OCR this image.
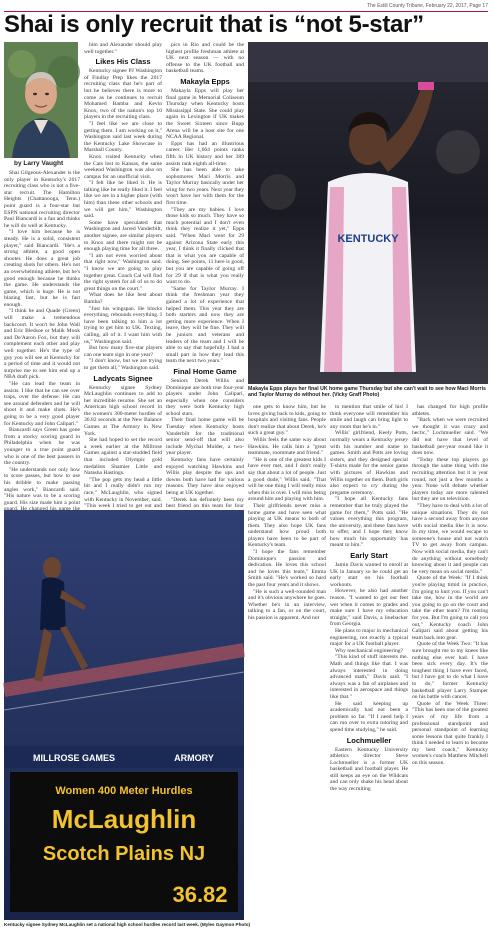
The Estill County Tribune, February 22, 2017, Page 17
Shai is only recruit that is “not 5-star”
by Larry Vaught

Shai Gilgeous-Alexander is the only player in Kentucky's 2017 recruiting class who is not a five-star recruit. The Hamilton Heights (Chattanooga, Tenn.) point guard is a four-star but ESPN national recruiting director Paul Biancardi is a fan and thinks he will do well at Kentucky.

"I love him because he is steady. He is a solid, consistent player," said Biancardi. "He's a strong athlete, a good open shooter. He does a great job creating shots for others. He's not an overwhelming athlete, but he's good enough because he thinks the game. He understands the game, which is huge. He is not blazing fast, but he is fast enough.

"I think he and Quade (Green) will make a tremendous backcourt. It won't be John Wall and Eric Bledsoe or Malik Monk and De'Aaron Fox, but they will complement each other and play well together. He's the type of guy you will see at Kentucky for a period of time and it would not surprise me to see him end up a NBA draft pick.

"He can lead the team in assists. I like that he can see over traps, over the defense. He can see around defenders and he will shoot it and make shots. He's going to be a very good player for Kentucky and John Calipari."

Biancardi says Green has gone from a stocky scoring guard in Philadelphia when he was younger to a true point guard who is one of the best passers in the country.

"He understands not only how to score passes, but how to use his dribble to make passing angles work," Biancardi said. "His nature was to be a scoring guard. His size made him a point

him and Alexander should play well together."

Likes His Class

Kentucky signee PJ Washington of Findlay Prep likes the 2017 recruiting class that he's part of but he believes there is more to come as he continues to recruit Mohamed Bamba and Kevin Knox, two of the nation's top 10 players in the recruiting class.

"I feel like we are close to getting them. I am working on it," Washington said last week during the Kentucky Lake Showcase in Marshall County.

Knox visited Kentucky when the Cats lost to Kansas, the same weekend Washington was also on campus for an unofficial visit.

"I felt like he liked it. He is talking like he really liked it. I feel like we are in a higher place (with him) than these other schools and we will get him," Washington said.

Some have speculated that Washington and Jarred Vanderbilt, another signee, are similar players to Knox and there might not be enough playing time for all three.

"I am not even worried about that right now," Washington said. "I know we are going to play together great. Coach Cal will find the right system for all of us to do great things on the court."

What does he like best about Bamba?

"Just his wingspan. He blocks everything, rebounds everything. I have been talking to him a lot trying to get him to UK. Texting, calling, all of it. I want him with us," Washington said.

But how many five-star players can one team sign in one year?

"I don't know, but we are trying to get them all," Washington said.

Ladycats Signee

Kentucky signee Sydney McLaughlin continues to add to her incredible resume. She set an American high school record in the women's 300-meter hurdles of 36.82 seconds at the New Balance Games at The Armory in New York.

She had hoped to set the record a week earlier at the Millrose Games against a star-studded field that included Olympic gold medalists Shamier Little and Natasha Hastings.

"The pop gets my head a little bit and I really didn't run my race," McLaughlin, who signed with Kentucky in November, said. "This week I tried to get out and

pics in Rio and could be the highest profile freshman athlete at UK next season — with no offense to the UK football and basketball teams.

Makayla Epps

Makayla Epps will play her final game in Memorial Coliseum Thursday when Kentucky hosts Mississippi State. She could play again in Lexington if UK makes the Sweet Sixteen since Rupp Arena will be a host site for one NCAA Regional.

Epps has had an illustrious career. Her 1,664 points ranks fifth in UK history and her 389 assists rank eighth all-time.

She has been able to take sophomores Maci Morris and Taylor Murray basically under her wing for two years. Next year they won't have her with them for the first time.

"They are my babies. I love those kids so much. They have so much potential and I don't even think they realize it yet," Epps said. "When Maci went for 29 against Arizona State early this year, I think it finally clicked that that is what you are capable of doing. See points, 11 here is good, but you are capable of going off for 29 if that is what you really want to do.

"Same for Taylor Murray. I think the freshman year they gained a lot of experience that helped them. This year they are both starters and now they are getting more experience. When I leave, they will be fine. They will be juniors and veterans and leaders of the team and I will be able to say that hopefully I had a small part in how they lead this team the next two years."

Final Home Game

Seniors Derek Willis and Dominique are both true four-year players under John Calipari, especially when one considers they were both Kentucky high school stars.

Their final home game will be Tuesday when Kentucky hosts Vanderbilt for the traditional senior send-off that will also include Mychal Mulder, a two-year player.

Kentucky fans have certainly enjoyed watching Hawkins and Willis play despite the ups and downs both have had for various reasons. They have also enjoyed being at UK together.

"Derek has definitely been my best friend on this team for four

KENTUCKY
Makayla Epps plays her final UK home game Thursday but she can't wait to see how Maci Morris and Taylor Murray do without her. (Vicky Graff Photo)

one gets to know him, but he loves giving back to kids, going to hospitals and visiting fans. People don't realize that about Derek, he's such a great guy."

Willis feels the same way about Hawkins. He calls him a "great teammate, roommate and friend."

"He is one of the greatest kids I have ever met, and I don't really say that about a lot of people. Just a good dude," Willis said. "That will be one thing I will really miss when this is over. I will miss being around him and playing with him.

Their girlfriends never miss a home game and have seen what playing at UK means to both of them. They also hope UK fans understand how proud both players have been to be part of Kentucky's team.

"I hope the fans remember Dominique's passion and dedication. He loves this school and he loves this team," Emma Smith said. "He's worked so hard the past four years and it shows.

"He is such a well-rounded man and it's obvious anywhere he goes. Whether he's in an interview, talking to a fan, or on the court, his passion is apparent. And not

to mention that smile of his! I think everyone will remember his smile and laugh can bring light to any room that he's in."

Willis' girlfriend, Keely Potts, normally wears a Kentucky jersey with his number and name to games. Smith and Potts are loving sisters, and they designed special T-shirts made for the senior game with pictures of Hawkins and Willis together on them. Both girls also expect to cry during the pregame ceremony.

"I hope all Kentucky fans remember that he truly played the game for them," Potts said. "He values everything this program, the university, and these fans have to offer, and I hope they know how much his opportunity has meant to him."

Early Start

Jamin Davis wanted to enroll at UK in January so he could get an early start on his football workouts.

However, he also had another reason. "I wanted to get our feet wet when it comes to grades and make sure I have my education straight," said Davis, a linebacker from Georgia.

He plans to major in mechanical engineering, not exactly a typical major for a UK football player.

Why mechanical engineering?

"This kind of stuff interests me. Math and things like that. I was always interested in doing advanced math," Davis said. "I always was a fan of airplanes and interested in aerospace and things like that."

He said keeping up academically had not been a problem so far. "If I need help I can run over to extra tutoring and spend time studying," he said.

Lochmueller

Eastern Kentucky University athletics director Steve Lochmueller is a former UK basketball and football player. He still keeps an eye on the Wildcats and can only shake his head about the way recruiting

has changed for high profile athletes.

"Back when we were recruited we thought it was crazy and hectic," Lochmueller said. "We did not have that level of basketball per-year round like it does now.

"Today these top players go through the same thing with the recruiting attention but it is year round, not just a few months a year. None will debate whether players today are more talented but they are on television.

"They have to deal with a lot of unique situations. They do not have a second away from anyone with social media like it is now. In my time, we would escape to someone's house and not watch TV to get away from campus. Now with social media, they can't do anything without somebody knowing about it and people can be very mean on social media."

Quote of the Week: "If I think you're playing timid in practice, I'm going to hurt you. If you can't take me, how in the world are you going to go on the court and take the other team? I'm rooting for you. But I'm going to call you out," Kentucky coach John Calipari said about getting his team back into gear.

Quote of the Week Two: "It has sure brought me to my knees like nothing else ever had. I have been sick every day. It's the toughest thing I have ever faced, but I have got to do what I have to do," former Kentucky basketball player Larry Stamper on his battle with cancer.

Quote of the Week Three: "This has been one of the greatest years of my life from a professional standpoint and personal standpoint of learning some lessons that quite frankly I think I needed to learn to become my best coach," Kentucky women's coach Matthew Mitchell on this season.

MILLROSE GAMES	ARMORY
Women 400 Meter Hurdles
McLaughlin
Scotch Plains NJ
36.82
Kentucky signee Sydney McLaughlin set a national high school hurdles record last week. (Myles Gaymon Photo)
